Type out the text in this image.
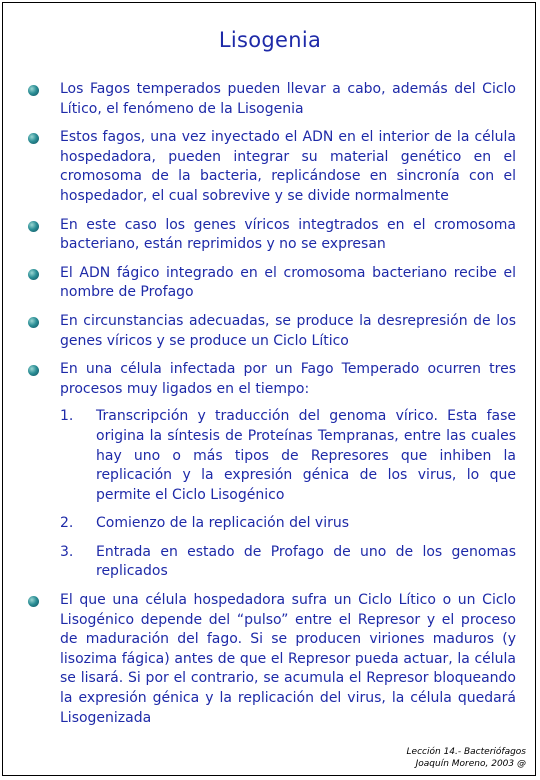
Lisogenia

Los Fagos temperados pueden llevar a cabo, además del Ciclo Lítico, el fenómeno de la Lisogenia

Estos fagos, una vez inyectado el ADN en el interior de la célula hospedadora, pueden integrar su material genético en el cromosoma de la bacteria, replicándose en sincronía con el hospedador, el cual sobrevive y se divide normalmente

En este caso los genes víricos integtrados en el cromosoma bacteriano, están reprimidos y no se expresan

El ADN fágico integrado en el cromosoma bacteriano recibe el nombre de Profago

En circunstancias adecuadas, se produce la desrepresión de los genes víricos y se produce un Ciclo Lítico

En una célula infectada por un Fago Temperado ocurren tres procesos muy ligados en el tiempo:

1. Transcripción y traducción del genoma vírico. Esta fase origina la síntesis de Proteínas Tempranas, entre las cuales hay uno o más tipos de Represores que inhiben la replicación y la expresión génica de los virus, lo que permite el Ciclo Lisogénico

2. Comienzo de la replicación del virus

3. Entrada en estado de Profago de uno de los genomas replicados

El que una célula hospedadora sufra un Ciclo Lítico o un Ciclo Lisogénico depende del “pulso” entre el Represor y el proceso de maduración del fago. Si se producen viriones maduros (y lisozima fágica) antes de que el Represor pueda actuar, la célula se lisará. Si por el contrario, se acumula el Represor bloqueando la expresión génica y la replicación del virus, la célula quedará Lisogenizada

Lección 14.- Bacteriófagos
Joaquín Moreno, 2003 @
